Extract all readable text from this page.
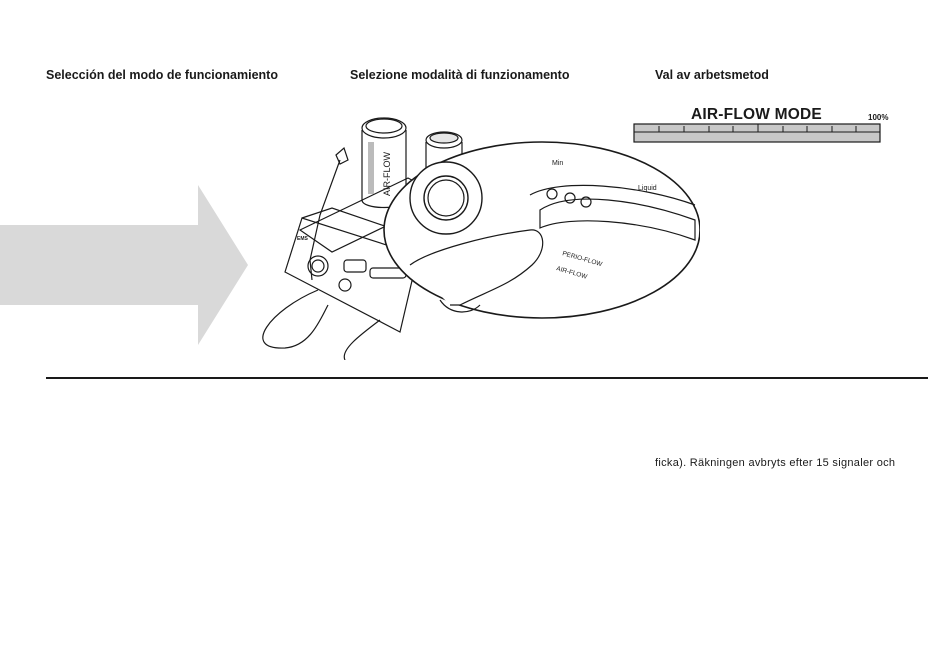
Selección del modo de funcionamiento	Selezione modalità di funzionamento	Val av arbetsmetod
EMS
AIR-FLOW	Min
Liquid
PERIO-FLOW
AIR-FLOW
AIR-FLOW MODE	100%

ficka). Räkningen avbryts efter 15 signaler och
